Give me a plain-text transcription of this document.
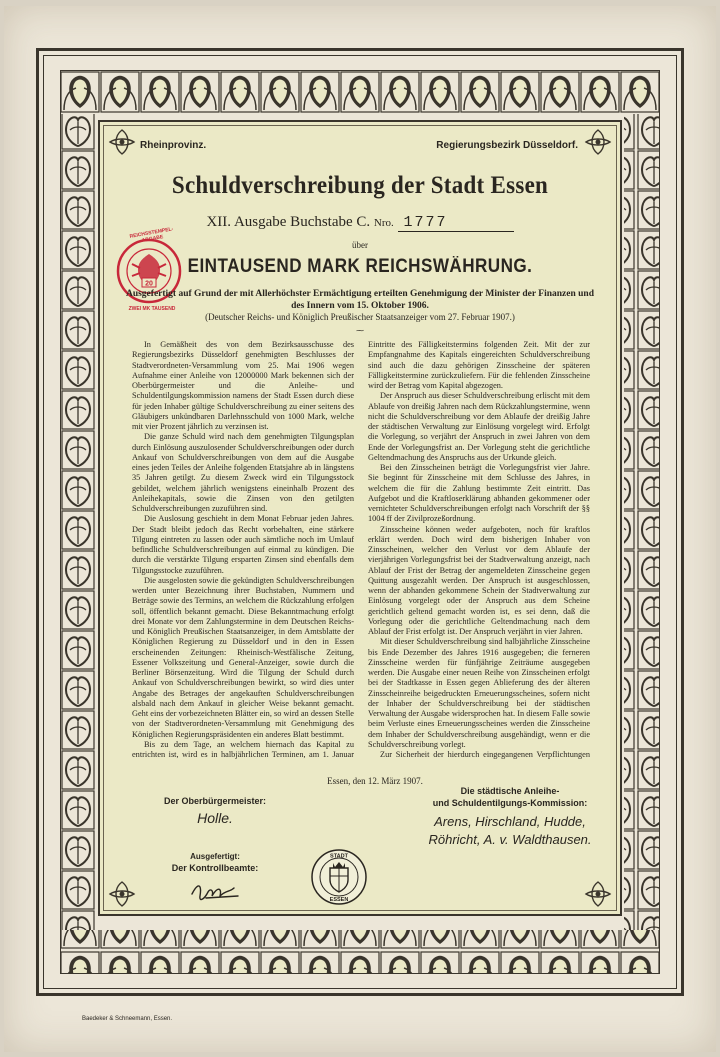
Rheinprovinz.	Regierungsbezirk Düsseldorf.
Schuldverschreibung der Stadt Essen
XII. Ausgabe Buchstabe C. Nro. 1777
über
EINTAUSEND MARK REICHSWÄHRUNG.
20
REICHSSTEMPEL-ABGABE
ZWEI MK TAUSEND
Ausgefertigt auf Grund der mit Allerhöchster Ermächtigung erteilten Genehmigung der Minister der Finanzen und des Innern vom 15. Oktober 1906.
(Deutscher Reichs- und Königlich Preußischer Staatsanzeiger vom 27. Februar 1907.)
⁓

In Gemäßheit des von dem Bezirksausschusse des Regierungsbezirks Düsseldorf genehmigten Beschlusses der Stadtverordneten-Versammlung vom 25. Mai 1906 wegen Aufnahme einer Anleihe von 12000000 Mark bekennen sich der Oberbürgermeister und die Anleihe- und Schuldentilgungskommission namens der Stadt Essen durch diese für jeden Inhaber gültige Schuldverschreibung zu einer seitens des Gläubigers unkündbaren Darlehnsschuld von 1000 Mark, welche mit vier Prozent jährlich zu verzinsen ist.

Die ganze Schuld wird nach dem genehmigten Tilgungsplan durch Einlösung auszulosender Schuldverschreibungen oder durch Ankauf von Schuldverschreibungen von dem auf die Ausgabe eines jeden Teiles der Anleihe folgenden Etatsjahre ab in längstens 35 Jahren getilgt. Zu diesem Zweck wird ein Tilgungsstock gebildet, welchem jährlich wenigstens eineinhalb Prozent des Anleihekapitals, sowie die Zinsen von den getilgten Schuldverschreibungen zuzuführen sind.

Die Auslosung geschieht in dem Monat Februar jeden Jahres. Der Stadt bleibt jedoch das Recht vorbehalten, eine stärkere Tilgung eintreten zu lassen oder auch sämtliche noch im Umlauf befindliche Schuldverschreibungen auf einmal zu kündigen. Die durch die verstärkte Tilgung ersparten Zinsen sind ebenfalls dem Tilgungsstocke zuzuführen.

Die ausgelosten sowie die gekündigten Schuldverschreibungen werden unter Bezeichnung ihrer Buchstaben, Nummern und Beträge sowie des Termins, an welchem die Rückzahlung erfolgen soll, öffentlich bekannt gemacht. Diese Bekanntmachung erfolgt drei Monate vor dem Zahlungstermine in dem Deutschen Reichs- und Königlich Preußischen Staatsanzeiger, in dem Amtsblatte der Königlichen Regierung zu Düsseldorf und in den in Essen erscheinenden Zeitungen: Rheinisch-Westfälische Zeitung, Essener Volkszeitung und General-Anzeiger, sowie durch die Berliner Börsenzeitung. Wird die Tilgung der Schuld durch Ankauf von Schuldverschreibungen bewirkt, so wird dies unter Angabe des Betrages der angekauften Schuldverschreibungen alsbald nach dem Ankauf in gleicher Weise bekannt gemacht. Geht eins der vorbezeichneten Blätter ein, so wird an dessen Stelle von der Stadtverordneten-Versammlung mit Genehmigung des Königlichen Regierungspräsidenten ein anderes Blatt bestimmt.

Bis zu dem Tage, an welchem hiernach das Kapital zu entrichten ist, wird es in halbjährlichen Terminen, am 1. Januar

Eintritte des Fälligkeitstermins folgenden Zeit. Mit der zur Empfangnahme des Kapitals eingereichten Schuldverschreibung sind auch die dazu gehörigen Zinsscheine der späteren Fälligkeitstermine zurückzuliefern. Für die fehlenden Zinsscheine wird der Betrag vom Kapital abgezogen.

Der Anspruch aus dieser Schuldverschreibung erlischt mit dem Ablaufe von dreißig Jahren nach dem Rückzahlungstermine, wenn nicht die Schuldverschreibung vor dem Ablaufe der dreißig Jahre der städtischen Verwaltung zur Einlösung vorgelegt wird. Erfolgt die Vorlegung, so verjährt der Anspruch in zwei Jahren von dem Ende der Vorlegungsfrist an. Der Vorlegung steht die gerichtliche Geltendmachung des Anspruchs aus der Urkunde gleich.

Bei den Zinsscheinen beträgt die Vorlegungsfrist vier Jahre. Sie beginnt für Zinsscheine mit dem Schlusse des Jahres, in welchem die für die Zahlung bestimmte Zeit eintritt. Das Aufgebot und die Kraftloserklärung abhanden gekommener oder vernichteter Schuldverschreibungen erfolgt nach Vorschrift der §§ 1004 ff der Zivilprozeßordnung.

Zinsscheine können weder aufgeboten, noch für kraftlos erklärt werden. Doch wird dem bisherigen Inhaber von Zinsscheinen, welcher den Verlust vor dem Ablaufe der vierjährigen Vorlegungsfrist bei der Stadtverwaltung anzeigt, nach Ablauf der Frist der Betrag der angemeldeten Zinsscheine gegen Quittung ausgezahlt werden. Der Anspruch ist ausgeschlossen, wenn der abhanden gekommene Schein der Stadtverwaltung zur Einlösung vorgelegt oder der Anspruch aus dem Scheine gerichtlich geltend gemacht worden ist, es sei denn, daß die Vorlegung oder die gerichtliche Geltendmachung nach dem Ablauf der Frist erfolgt ist. Der Anspruch verjährt in vier Jahren.

Mit dieser Schuldverschreibung sind halbjährliche Zinsscheine bis Ende Dezember des Jahres 1916 ausgegeben; die ferneren Zinsscheine werden für fünfjährige Zeiträume ausgegeben werden. Die Ausgabe einer neuen Reihe von Zinsscheinen erfolgt bei der Stadtkasse in Essen gegen Ablieferung des der älteren Zinsscheinreihe beigedruckten Erneuerungsscheines, sofern nicht der Inhaber der Schuldverschreibung bei der städtischen Verwaltung der Ausgabe widersprochen hat. In diesem Falle sowie beim Verluste eines Erneuerungsscheines werden die Zinsscheine dem Inhaber der Schuldverschreibung ausgehändigt, wenn er die Schuldverschreibung vorlegt.

Zur Sicherheit der hierdurch eingegangenen Verpflichtungen

Essen, den 12. März 1907.
Der Oberbürgermeister:
Holle.
Ausgefertigt:
Der Kontrollbeamte:
Die städtische Anleihe-
und Schuldentilgungs-Kommission:
Arens, Hirschland, Hudde,
Röhricht, A. v. Waldthausen.
STADT
ESSEN
Baedeker & Schneemann, Essen.
